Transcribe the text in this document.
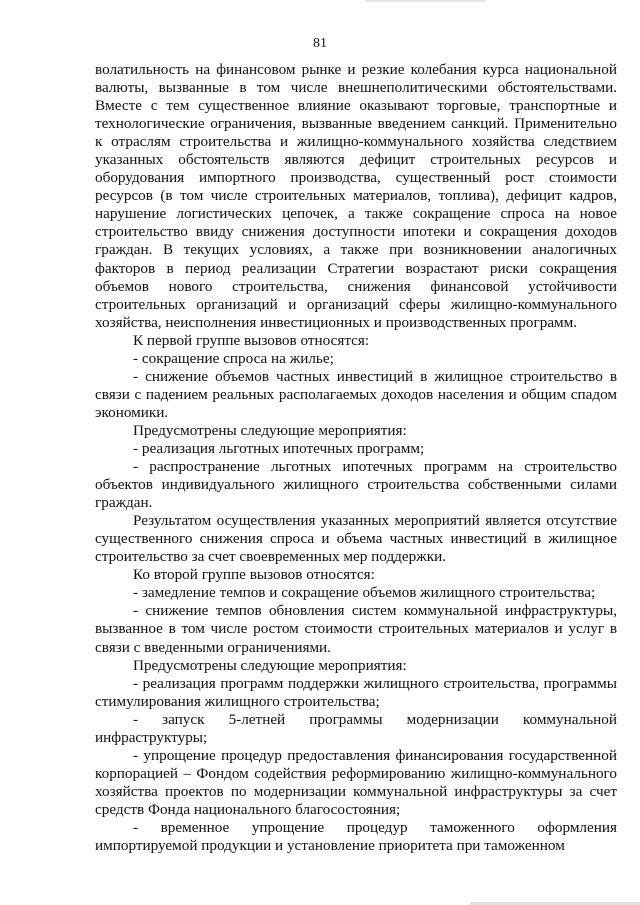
81

волатильность на финансовом рынке и резкие колебания курса национальной валюты, вызванные в том числе внешнеполитическими обстоятельствами. Вместе с тем существенное влияние оказывают торговые, транспортные и технологические ограничения, вызванные введением санкций. Применительно к отраслям строительства и жилищно-коммунального хозяйства следствием указанных обстоятельств являются дефицит строительных ресурсов и оборудования импортного производства, существенный рост стоимости ресурсов (в том числе строительных материалов, топлива), дефицит кадров, нарушение логистических цепочек, а также сокращение спроса на новое строительство ввиду снижения доступности ипотеки и сокращения доходов граждан. В текущих условиях, а также при возникновении аналогичных факторов в период реализации Стратегии возрастают риски сокращения объемов нового строительства, снижения финансовой устойчивости строительных организаций и организаций сферы жилищно-коммунального хозяйства, неисполнения инвестиционных и производственных программ.

К первой группе вызовов относятся:

- сокращение спроса на жилье;

- снижение объемов частных инвестиций в жилищное строительство в связи с падением реальных располагаемых доходов населения и общим спадом экономики.

Предусмотрены следующие мероприятия:

- реализация льготных ипотечных программ;

- распространение льготных ипотечных программ на строительство объектов индивидуального жилищного строительства собственными силами граждан.

Результатом осуществления указанных мероприятий является отсутствие существенного снижения спроса и объема частных инвестиций в жилищное строительство за счет своевременных мер поддержки.

Ко второй группе вызовов относятся:

- замедление темпов и сокращение объемов жилищного строительства;

- снижение темпов обновления систем коммунальной инфраструктуры, вызванное в том числе ростом стоимости строительных материалов и услуг в связи с введенными ограничениями.

Предусмотрены следующие мероприятия:

- реализация программ поддержки жилищного строительства, программы стимулирования жилищного строительства;

- запуск 5-летней программы модернизации коммунальной инфраструктуры;

- упрощение процедур предоставления финансирования государственной корпорацией – Фондом содействия реформированию жилищно-коммунального хозяйства проектов по модернизации коммунальной инфраструктуры за счет средств Фонда национального благосостояния;

- временное упрощение процедур таможенного оформления импортируемой продукции и установление приоритета при таможенном
